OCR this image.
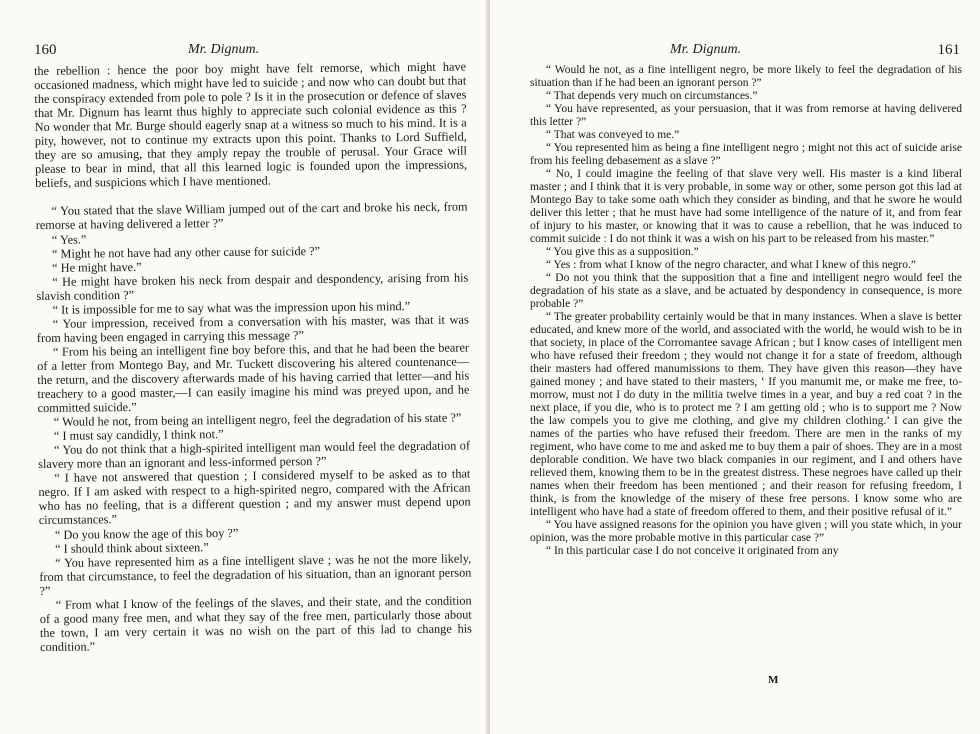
160	Mr. Dignum.

the rebellion : hence the poor boy might have felt remorse, which might have occasioned madness, which might have led to suicide ; and now who can doubt but that the conspiracy extended from pole to pole ? Is it in the prosecution or defence of slaves that Mr. Dignum has learnt thus highly to appreciate such colonial evidence as this ? No wonder that Mr. Burge should eagerly snap at a witness so much to his mind. It is a pity, however, not to continue my extracts upon this point. Thanks to Lord Suffield, they are so amusing, that they amply repay the trouble of perusal. Your Grace will please to bear in mind, that all this learned logic is founded upon the impressions, beliefs, and suspicions which I have mentioned.

“ You stated that the slave William jumped out of the cart and broke his neck, from remorse at having delivered a letter ?”

“ Yes.”

“ Might he not have had any other cause for suicide ?”

“ He might have.”

“ He might have broken his neck from despair and despondency, arising from his slavish condition ?”

“ It is impossible for me to say what was the impression upon his mind.”

“ Your impression, received from a conversation with his master, was that it was from having been engaged in carrying this message ?”

“ From his being an intelligent fine boy before this, and that he had been the bearer of a letter from Montego Bay, and Mr. Tuckett discovering his altered countenance—the return, and the discovery afterwards made of his having carried that letter—and his treachery to a good master,—I can easily imagine his mind was preyed upon, and he committed suicide.”

“ Would he not, from being an intelligent negro, feel the degradation of his state ?”

“ I must say candidly, I think not.”

“ You do not think that a high-spirited intelligent man would feel the degradation of slavery more than an ignorant and less-informed person ?”

“ I have not answered that question ; I considered myself to be asked as to that negro. If I am asked with respect to a high-spirited negro, compared with the African who has no feeling, that is a different question ; and my answer must depend upon circumstances.”

“ Do you know the age of this boy ?”

“ I should think about sixteen.”

“ You have represented him as a fine intelligent slave ; was he not the more likely, from that circumstance, to feel the degradation of his situation, than an ignorant person ?”

“ From what I know of the feelings of the slaves, and their state, and the condition of a good many free men, and what they say of the free men, particularly those about the town, I am very certain it was no wish on the part of this lad to change his condition.”

Mr. Dignum.	161

“ Would he not, as a fine intelligent negro, be more likely to feel the degradation of his situation than if he had been an ignorant person ?”

“ That depends very much on circumstances.”

“ You have represented, as your persuasion, that it was from remorse at having delivered this letter ?”

“ That was conveyed to me.”

“ You represented him as being a fine intelligent negro ; might not this act of suicide arise from his feeling debasement as a slave ?”

“ No, I could imagine the feeling of that slave very well. His master is a kind liberal master ; and I think that it is very probable, in some way or other, some person got this lad at Montego Bay to take some oath which they consider as binding, and that he swore he would deliver this letter ; that he must have had some intelligence of the nature of it, and from fear of injury to his master, or knowing that it was to cause a rebellion, that he was induced to commit suicide : I do not think it was a wish on his part to be released from his master.”

“ You give this as a supposition.”

“ Yes : from what I know of the negro character, and what I knew of this negro.”

“ Do not you think that the supposition that a fine and intelligent negro would feel the degradation of his state as a slave, and be actuated by despondency in consequence, is more probable ?”

“ The greater probability certainly would be that in many instances. When a slave is better educated, and knew more of the world, and associated with the world, he would wish to be in that society, in place of the Corromantee savage African ; but I know cases of intelligent men who have refused their freedom ; they would not change it for a state of freedom, although their masters had offered manumissions to them. They have given this reason—they have gained money ; and have stated to their masters, ‘ If you manumit me, or make me free, to-morrow, must not I do duty in the militia twelve times in a year, and buy a red coat ? in the next place, if you die, who is to protect me ? I am getting old ; who is to support me ? Now the law compels you to give me clothing, and give my children clothing.’ I can give the names of the parties who have refused their freedom. There are men in the ranks of my regiment, who have come to me and asked me to buy them a pair of shoes. They are in a most deplorable condition. We have two black companies in our regiment, and I and others have relieved them, knowing them to be in the greatest distress. These negroes have called up their names when their freedom has been mentioned ; and their reason for refusing freedom, I think, is from the knowledge of the misery of these free persons. I know some who are intelligent who have had a state of freedom offered to them, and their positive refusal of it.”

“ You have assigned reasons for the opinion you have given ; will you state which, in your opinion, was the more probable motive in this particular case ?”

“ In this particular case I do not conceive it originated from any

M
